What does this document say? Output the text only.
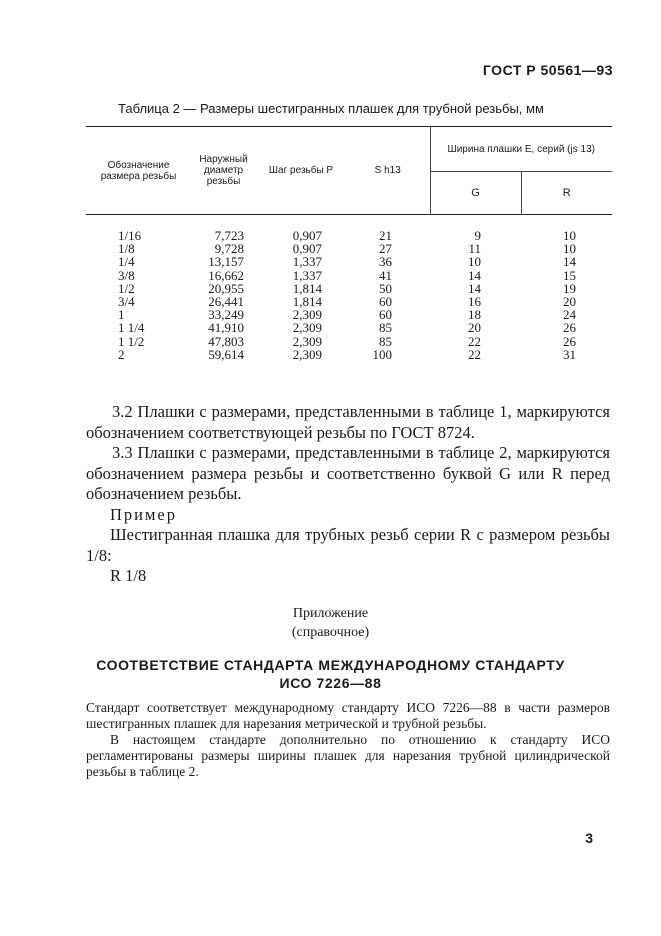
ГОСТ Р 50561—93
Таблица 2 — Размеры шестигранных плашек для трубной резьбы, мм
Обозначение размера резьбы	Наружный диаметр резьбы	Шаг резьбы P	S h13	Ширина плашки E, серий (js 13)	
				G	R
1/16	7,723	0,907	21	9	10
1/8	9,728	0,907	27	11	10
1/4	13,157	1,337	36	10	14
3/8	16,662	1,337	41	14	15
1/2	20,955	1,814	50	14	19
3/4	26,441	1,814	60	16	20
1	33,249	2,309	60	18	24
1 1/4	41,910	2,309	85	20	26
1 1/2	47,803	2,309	85	22	26
2	59,614	2,309	100	22	31

3.2 Плашки с размерами, представленными в таблице 1, маркируются обозначением соответствующей резьбы по ГОСТ 8724.

3.3 Плашки с размерами, представленными в таблице 2, маркируются обозначением размера резьбы и соответственно буквой G или R перед обозначением резьбы.

Пример

Шестигранная плашка для трубных резьб серии R с размером резьбы 1/8:

R 1/8

Приложение
(справочное)
СООТВЕТСТВИЕ СТАНДАРТА МЕЖДУНАРОДНОМУ СТАНДАРТУ
ИСО 7226—88

Стандарт соответствует международному стандарту ИСО 7226—88 в части размеров шестигранных плашек для нарезания метрической и трубной резьбы.

В настоящем стандарте дополнительно по отношению к стандарту ИСО регламентированы размеры ширины плашек для нарезания трубной цилиндрической резьбы в таблице 2.

3
